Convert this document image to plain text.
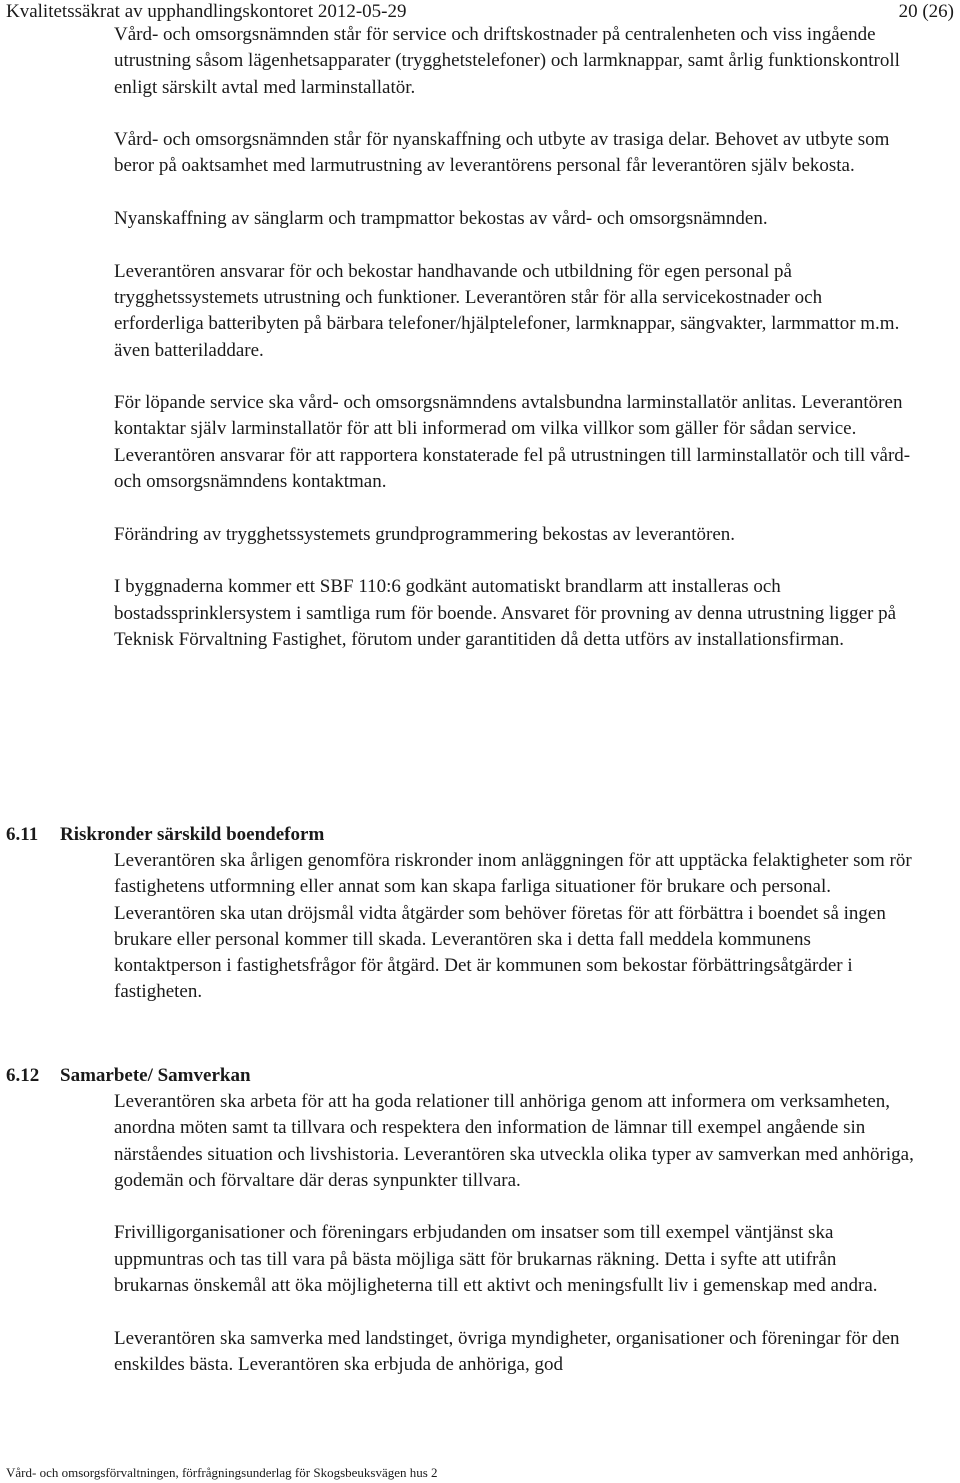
Kvalitetssäkrat av upphandlingskontoret 2012-05-29	20 (26)

Vård- och omsorgsnämnden står för service och driftskostnader på centralenheten och viss ingående utrustning såsom lägenhetsapparater (trygghetstelefoner) och larmknappar, samt årlig funktionskontroll enligt särskilt avtal med larminstallatör.

Vård- och omsorgsnämnden står för nyanskaffning och utbyte av trasiga delar. Behovet av utbyte som beror på oaktsamhet med larmutrustning av leverantörens personal får leverantören själv bekosta.

Nyanskaffning av sänglarm och trampmattor bekostas av vård- och omsorgsnämnden.

Leverantören ansvarar för och bekostar handhavande och utbildning för egen personal på trygghetssystemets utrustning och funktioner. Leverantören står för alla servicekostnader och erforderliga batteribyten på bärbara telefoner/hjälptelefoner, larmknappar, sängvakter, larmmattor m.m. även batteriladdare.

För löpande service ska vård- och omsorgsnämndens avtalsbundna larminstallatör anlitas. Leverantören kontaktar själv larminstallatör för att bli informerad om vilka villkor som gäller för sådan service. Leverantören ansvarar för att rapportera konstaterade fel på utrustningen till larminstallatör och till vård- och omsorgsnämndens kontaktman.

Förändring av trygghetssystemets grundprogrammering bekostas av leverantören.

I byggnaderna kommer ett SBF 110:6 godkänt automatiskt brandlarm att installeras och bostadssprinklersystem i samtliga rum för boende. Ansvaret för provning av denna utrustning ligger på Teknisk Förvaltning Fastighet, förutom under garantitiden då detta utförs av installationsfirman.

6.11 Riskronder särskild boendeform

Leverantören ska årligen genomföra riskronder inom anläggningen för att upptäcka felaktigheter som rör fastighetens utformning eller annat som kan skapa farliga situationer för brukare och personal. Leverantören ska utan dröjsmål vidta åtgärder som behöver företas för att förbättra i boendet så ingen brukare eller personal kommer till skada. Leverantören ska i detta fall meddela kommunens kontaktperson i fastighetsfrågor för åtgärd. Det är kommunen som bekostar förbättringsåtgärder i fastigheten.

6.12 Samarbete/ Samverkan

Leverantören ska arbeta för att ha goda relationer till anhöriga genom att informera om verksamheten, anordna möten samt ta tillvara och respektera den information de lämnar till exempel angående sin närståendes situation och livshistoria. Leverantören ska utveckla olika typer av samverkan med anhöriga, godemän och förvaltare där deras synpunkter tillvara.

Frivilligorganisationer och föreningars erbjudanden om insatser som till exempel väntjänst ska uppmuntras och tas till vara på bästa möjliga sätt för brukarnas räkning. Detta i syfte att utifrån brukarnas önskemål att öka möjligheterna till ett aktivt och meningsfullt liv i gemenskap med andra.

Leverantören ska samverka med landstinget, övriga myndigheter, organisationer och föreningar för den enskildes bästa. Leverantören ska erbjuda de anhöriga, god

Vård- och omsorgsförvaltningen, förfrågningsunderlag för Skogsbeuksvägen hus 2
